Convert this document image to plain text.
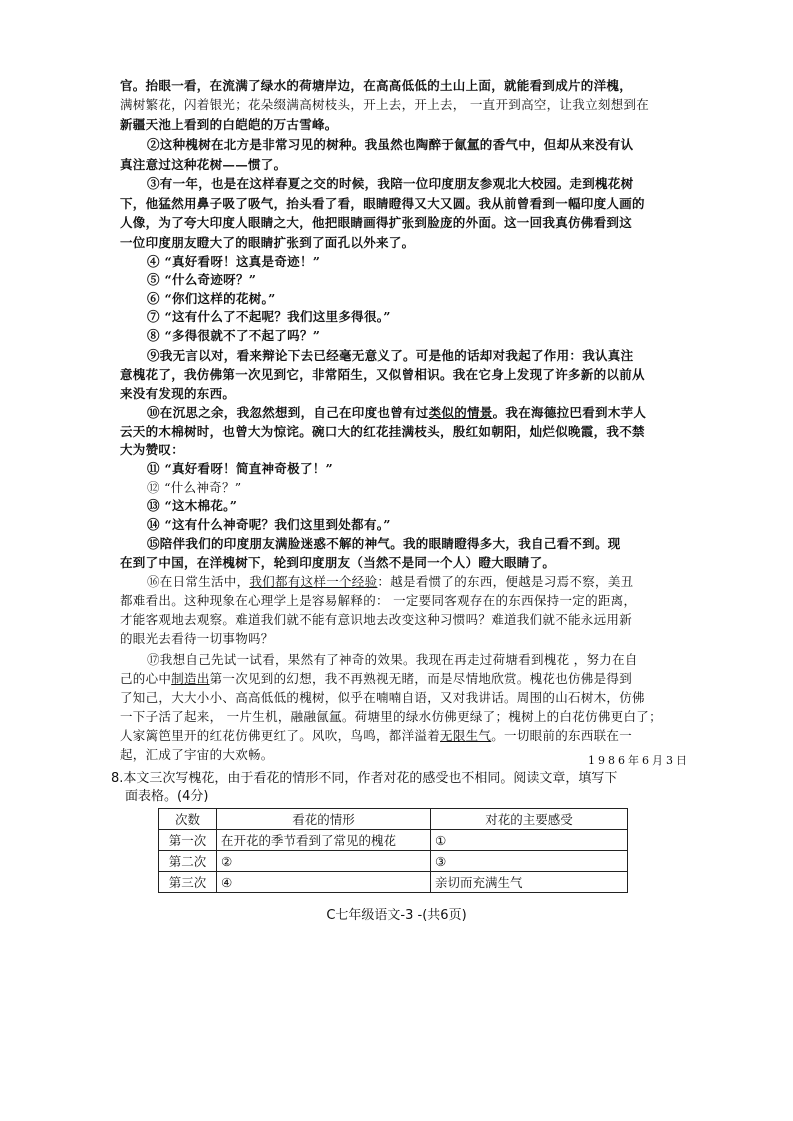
官。抬眼一看，在流满了绿水的荷塘岸边，在高高低低的土山上面，就能看到成片的洋槐，
满树繁花，闪着银光；花朵缀满高树枝头，开上去，开上去， 一直开到高空，让我立刻想到在
新疆天池上看到的白皑皑的万古雪峰。
②这种槐树在北方是非常习见的树种。我虽然也陶醉于氤氲的香气中，但却从来没有认
真注意过这种花树——惯了。
③有一年，也是在这样春夏之交的时候，我陪一位印度朋友参观北大校园。走到槐花树
下，他猛然用鼻子吸了吸气，抬头看了看，眼睛瞪得又大又圆。我从前曾看到一幅印度人画的
人像，为了夸大印度人眼睛之大，他把眼睛画得扩张到脸庞的外面。这一回我真仿佛看到这
一位印度朋友瞪大了的眼睛扩张到了面孔以外来了。
④ “真好看呀！这真是奇迹！”
⑤ “什么奇迹呀？”
⑥ “你们这样的花树。”
⑦ “这有什么了不起呢？我们这里多得很。”
⑧ “多得很就不了不起了吗？”
⑨我无言以对，看来辩论下去已经毫无意义了。可是他的话却对我起了作用：我认真注
意槐花了，我仿佛第一次见到它，非常陌生，又似曾相识。我在它身上发现了许多新的以前从
来没有发现的东西。
⑩在沉思之余，我忽然想到，自己在印度也曾有过类似的情景。我在海德拉巴看到木芋人
云天的木棉树时，也曾大为惊诧。碗口大的红花挂满枝头，殷红如朝阳，灿烂似晚霞，我不禁
大为赞叹：
⑪ “真好看呀！简直神奇极了！”
⑫ “什么神奇？”
⑬ “这木棉花。”
⑭ “这有什么神奇呢？我们这里到处都有。”
⑮陪伴我们的印度朋友满脸迷惑不解的神气。我的眼睛瞪得多大，我自己看不到。现
在到了中国，在洋槐树下，轮到印度朋友（当然不是同一个人）瞪大眼睛了。
⑯在日常生活中，我们都有这样一个经验：越是看惯了的东西，便越是习焉不察，美丑
都难看出。这种现象在心理学上是容易解释的： 一定要同客观存在的东西保持一定的距离，
才能客观地去观察。难道我们就不能有意识地去改变这种习惯吗？难道我们就不能永远用新
的眼光去看待一切事物吗？
⑰我想自己先试一试看，果然有了神奇的效果。我现在再走过荷塘看到槐花 ，努力在自
己的心中制造出第一次见到的幻想，我不再熟视无睹，而是尽情地欣赏。槐花也仿佛是得到
了知己，大大小小、高高低低的槐树，似乎在喃喃自语，又对我讲话。周围的山石树木，仿佛
一下子活了起来， 一片生机，融融氤氲。荷塘里的绿水仿佛更绿了；槐树上的白花仿佛更白了；
人家篱笆里开的红花仿佛更红了。风吹，鸟鸣，都洋溢着无限生气。一切眼前的东西联在一
起，汇成了宇宙的大欢畅。	1986年6月3日
8.本文三次写槐花，由于看花的情形不同，作者对花的感受也不相同。阅读文章，填写下
面表格。(4分)
次数	看花的情形	对花的主要感受
第一次	在开花的季节看到了常见的槐花	①
第二次	②	③
第三次	④	亲切而充满生气
C七年级语文-3 -(共6页)
